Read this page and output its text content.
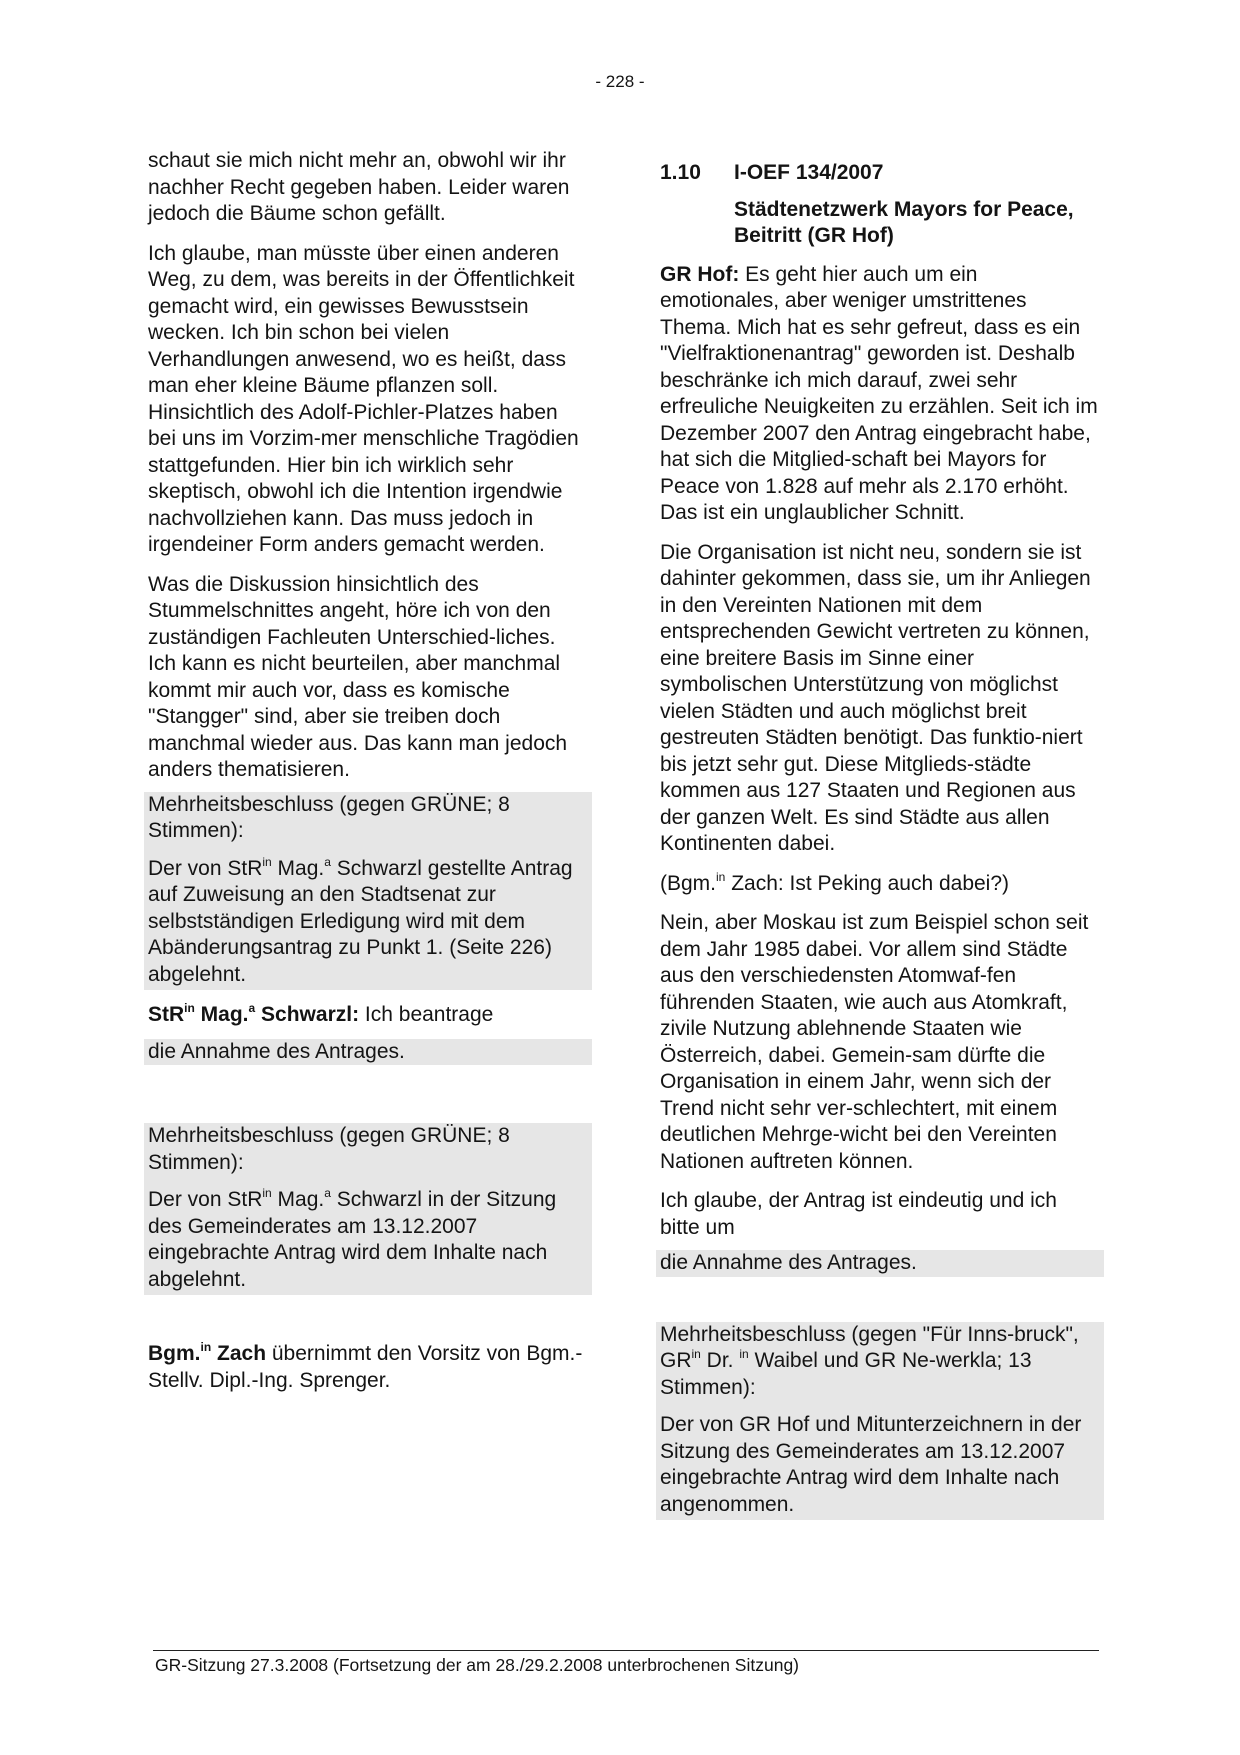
- 228 -

schaut sie mich nicht mehr an, obwohl wir ihr nachher Recht gegeben haben. Leider waren jedoch die Bäume schon gefällt.

Ich glaube, man müsste über einen anderen Weg, zu dem, was bereits in der Öffentlichkeit gemacht wird, ein gewisses Bewusstsein wecken. Ich bin schon bei vielen Verhandlungen anwesend, wo es heißt, dass man eher kleine Bäume pflanzen soll. Hinsichtlich des Adolf-Pichler-Platzes haben bei uns im Vorzim-mer menschliche Tragödien stattgefunden. Hier bin ich wirklich sehr skeptisch, obwohl ich die Intention irgendwie nachvollziehen kann. Das muss jedoch in irgendeiner Form anders gemacht werden.

Was die Diskussion hinsichtlich des Stummelschnittes angeht, höre ich von den zuständigen Fachleuten Unterschied-liches. Ich kann es nicht beurteilen, aber manchmal kommt mir auch vor, dass es komische "Stangger" sind, aber sie treiben doch manchmal wieder aus. Das kann man jedoch anders thematisieren.

Mehrheitsbeschluss (gegen GRÜNE; 8 Stimmen):

Der von StR$^{in}$ Mag.$^a$ Schwarzl gestellte Antrag auf Zuweisung an den Stadtsenat zur selbstständigen Erledigung wird mit dem Abänderungsantrag zu Punkt 1. (Seite 226) abgelehnt.

StR$^{in}$ Mag.$^a$ Schwarzl: Ich beantrage

die Annahme des Antrages.

Mehrheitsbeschluss (gegen GRÜNE; 8 Stimmen):

Der von StR$^{in}$ Mag.$^a$ Schwarzl in der Sitzung des Gemeinderates am 13.12.2007 eingebrachte Antrag wird dem Inhalte nach abgelehnt.

Bgm.$^{in}$ Zach übernimmt den Vorsitz von Bgm.-Stellv. Dipl.-Ing. Sprenger.

1.10 I-OEF 134/2007
Städtenetzwerk Mayors for Peace, Beitritt (GR Hof)

GR Hof: Es geht hier auch um ein emotionales, aber weniger umstrittenes Thema. Mich hat es sehr gefreut, dass es ein "Vielfraktionenantrag" geworden ist. Deshalb beschränke ich mich darauf, zwei sehr erfreuliche Neuigkeiten zu erzählen. Seit ich im Dezember 2007 den Antrag eingebracht habe, hat sich die Mitglied-schaft bei Mayors for Peace von 1.828 auf mehr als 2.170 erhöht. Das ist ein unglaublicher Schnitt.

Die Organisation ist nicht neu, sondern sie ist dahinter gekommen, dass sie, um ihr Anliegen in den Vereinten Nationen mit dem entsprechenden Gewicht vertreten zu können, eine breitere Basis im Sinne einer symbolischen Unterstützung von möglichst vielen Städten und auch möglichst breit gestreuten Städten benötigt. Das funktio-niert bis jetzt sehr gut. Diese Mitglieds-städte kommen aus 127 Staaten und Regionen aus der ganzen Welt. Es sind Städte aus allen Kontinenten dabei.

(Bgm.$^{in}$ Zach: Ist Peking auch dabei?)

Nein, aber Moskau ist zum Beispiel schon seit dem Jahr 1985 dabei. Vor allem sind Städte aus den verschiedensten Atomwaf-fen führenden Staaten, wie auch aus Atomkraft, zivile Nutzung ablehnende Staaten wie Österreich, dabei. Gemein-sam dürfte die Organisation in einem Jahr, wenn sich der Trend nicht sehr ver-schlechtert, mit einem deutlichen Mehrge-wicht bei den Vereinten Nationen auftreten können.

Ich glaube, der Antrag ist eindeutig und ich bitte um

die Annahme des Antrages.

Mehrheitsbeschluss (gegen "Für Inns-bruck", $GR^{in}$ Dr. $^{in}$ Waibel und GR Ne-werkla; 13 Stimmen):

Der von GR Hof und Mitunterzeichnern in der Sitzung des Gemeinderates am 13.12.2007 eingebrachte Antrag wird dem Inhalte nach angenommen.

GR-Sitzung 27.3.2008 (Fortsetzung der am 28./29.2.2008 unterbrochenen Sitzung)
